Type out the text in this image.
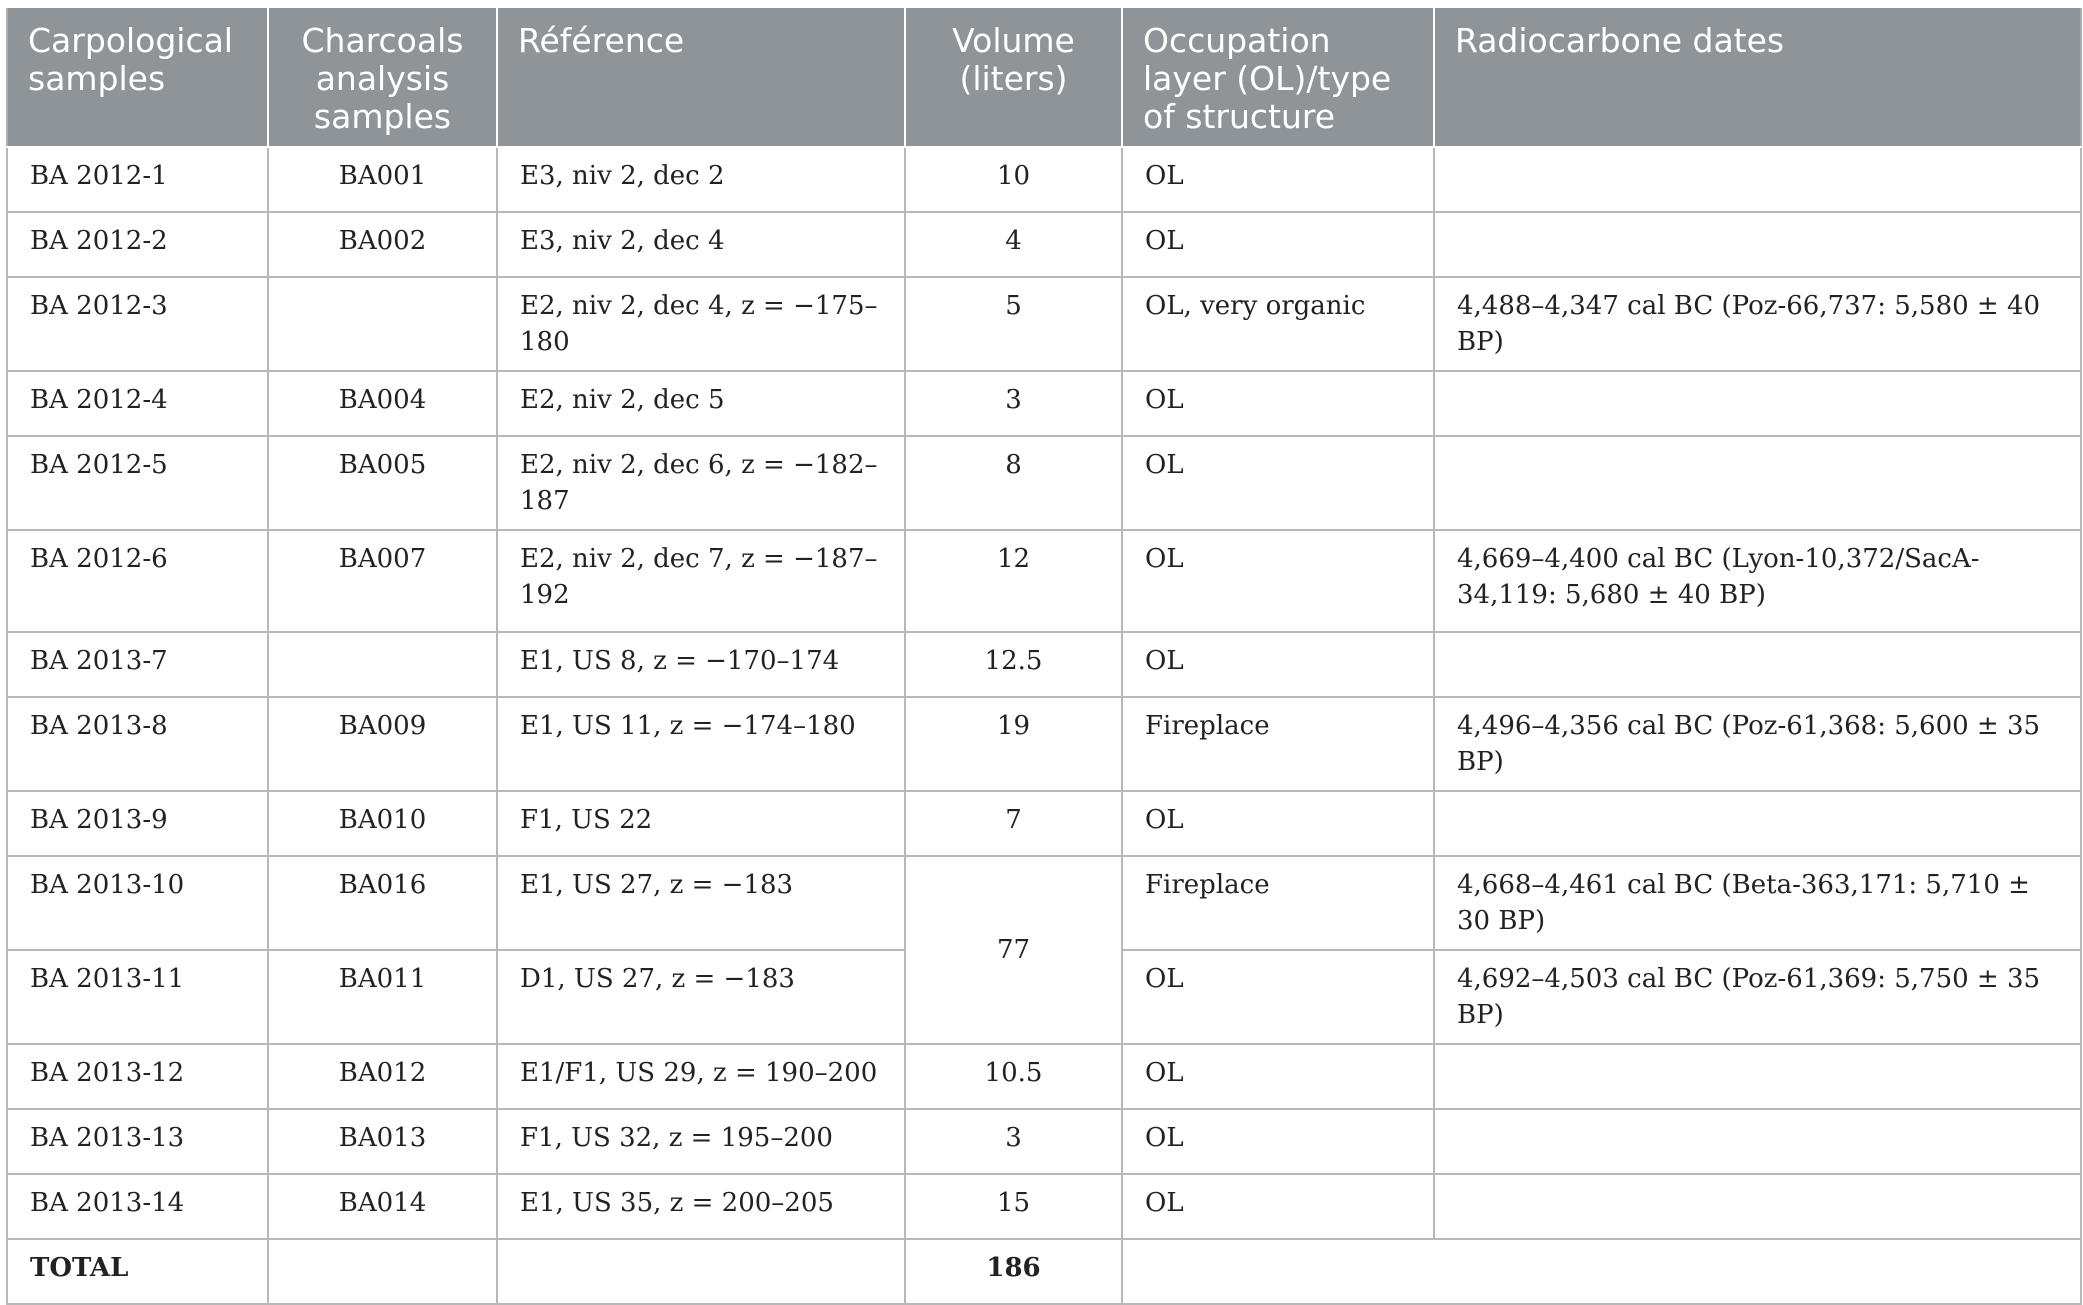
Carpological samples	Charcoals analysis samples	Référence	Volume (liters)	Occupation layer (OL)/type of structure	Radiocarbone dates
BA 2012-1	BA001	E3, niv 2, dec 2	10	OL	
BA 2012-2	BA002	E3, niv 2, dec 4	4	OL	
BA 2012-3		E2, niv 2, dec 4, z = −175–180	5	OL, very organic	4,488–4,347 cal BC (Poz-66,737: 5,580 ± 40 BP)
BA 2012-4	BA004	E2, niv 2, dec 5	3	OL	
BA 2012-5	BA005	E2, niv 2, dec 6, z = −182–187	8	OL	
BA 2012-6	BA007	E2, niv 2, dec 7, z = −187–192	12	OL	4,669–4,400 cal BC (Lyon-10,372/SacA-34,119: 5,680 ± 40 BP)
BA 2013-7		E1, US 8, z = −170–174	12.5	OL	
BA 2013-8	BA009	E1, US 11, z = −174–180	19	Fireplace	4,496–4,356 cal BC (Poz-61,368: 5,600 ± 35 BP)
BA 2013-9	BA010	F1, US 22	7	OL	
BA 2013-10	BA016	E1, US 27, z = −183	77	Fireplace	4,668–4,461 cal BC (Beta-363,171: 5,710 ± 30 BP)
BA 2013-11	BA011	D1, US 27, z = −183		OL	4,692–4,503 cal BC (Poz-61,369: 5,750 ± 35 BP)
BA 2013-12	BA012	E1/F1, US 29, z = 190–200	10.5	OL	
BA 2013-13	BA013	F1, US 32, z = 195–200	3	OL	
BA 2013-14	BA014	E1, US 35, z = 200–205	15	OL	
TOTAL			186		
